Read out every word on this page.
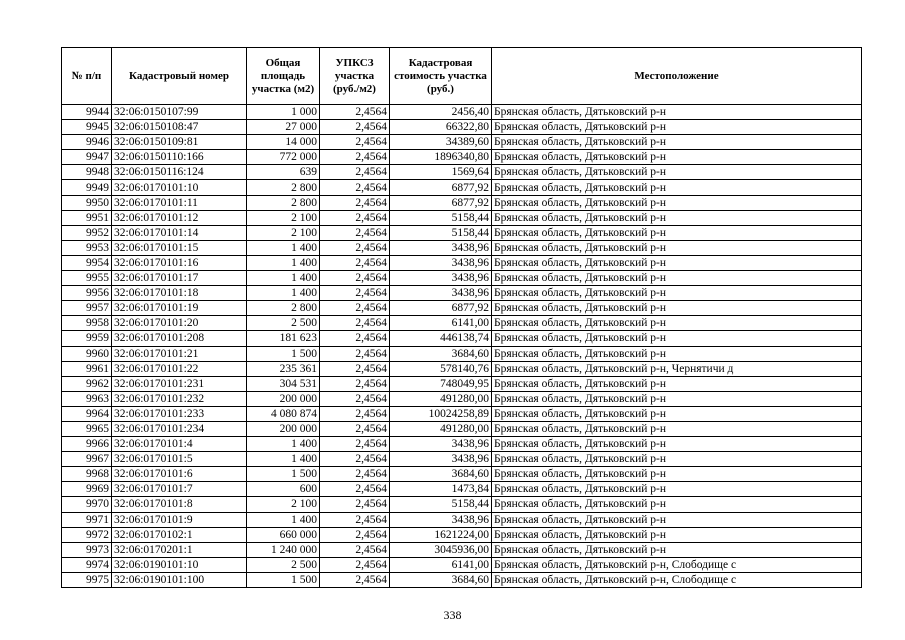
№ п/п	Кадастровый номер	Общая площадь участка (м2)	УПКСЗ участка (руб./м2)	Кадастровая стоимость участка (руб.)	Местоположение
9944	32:06:0150107:99	1 000	2,4564	2456,40	Брянская область, Дятьковский р-н
9945	32:06:0150108:47	27 000	2,4564	66322,80	Брянская область, Дятьковский р-н
9946	32:06:0150109:81	14 000	2,4564	34389,60	Брянская область, Дятьковский р-н
9947	32:06:0150110:166	772 000	2,4564	1896340,80	Брянская область, Дятьковский р-н
9948	32:06:0150116:124	639	2,4564	1569,64	Брянская область, Дятьковский р-н
9949	32:06:0170101:10	2 800	2,4564	6877,92	Брянская область, Дятьковский р-н
9950	32:06:0170101:11	2 800	2,4564	6877,92	Брянская область, Дятьковский р-н
9951	32:06:0170101:12	2 100	2,4564	5158,44	Брянская область, Дятьковский р-н
9952	32:06:0170101:14	2 100	2,4564	5158,44	Брянская область, Дятьковский р-н
9953	32:06:0170101:15	1 400	2,4564	3438,96	Брянская область, Дятьковский р-н
9954	32:06:0170101:16	1 400	2,4564	3438,96	Брянская область, Дятьковский р-н
9955	32:06:0170101:17	1 400	2,4564	3438,96	Брянская область, Дятьковский р-н
9956	32:06:0170101:18	1 400	2,4564	3438,96	Брянская область, Дятьковский р-н
9957	32:06:0170101:19	2 800	2,4564	6877,92	Брянская область, Дятьковский р-н
9958	32:06:0170101:20	2 500	2,4564	6141,00	Брянская область, Дятьковский р-н
9959	32:06:0170101:208	181 623	2,4564	446138,74	Брянская область, Дятьковский р-н
9960	32:06:0170101:21	1 500	2,4564	3684,60	Брянская область, Дятьковский р-н
9961	32:06:0170101:22	235 361	2,4564	578140,76	Брянская область, Дятьковский р-н, Чернятичи д
9962	32:06:0170101:231	304 531	2,4564	748049,95	Брянская область, Дятьковский р-н
9963	32:06:0170101:232	200 000	2,4564	491280,00	Брянская область, Дятьковский р-н
9964	32:06:0170101:233	4 080 874	2,4564	10024258,89	Брянская область, Дятьковский р-н
9965	32:06:0170101:234	200 000	2,4564	491280,00	Брянская область, Дятьковский р-н
9966	32:06:0170101:4	1 400	2,4564	3438,96	Брянская область, Дятьковский р-н
9967	32:06:0170101:5	1 400	2,4564	3438,96	Брянская область, Дятьковский р-н
9968	32:06:0170101:6	1 500	2,4564	3684,60	Брянская область, Дятьковский р-н
9969	32:06:0170101:7	600	2,4564	1473,84	Брянская область, Дятьковский р-н
9970	32:06:0170101:8	2 100	2,4564	5158,44	Брянская область, Дятьковский р-н
9971	32:06:0170101:9	1 400	2,4564	3438,96	Брянская область, Дятьковский р-н
9972	32:06:0170102:1	660 000	2,4564	1621224,00	Брянская область, Дятьковский р-н
9973	32:06:0170201:1	1 240 000	2,4564	3045936,00	Брянская область, Дятьковский р-н
9974	32:06:0190101:10	2 500	2,4564	6141,00	Брянская область, Дятьковский р-н, Слободище с
9975	32:06:0190101:100	1 500	2,4564	3684,60	Брянская область, Дятьковский р-н, Слободище с
338
